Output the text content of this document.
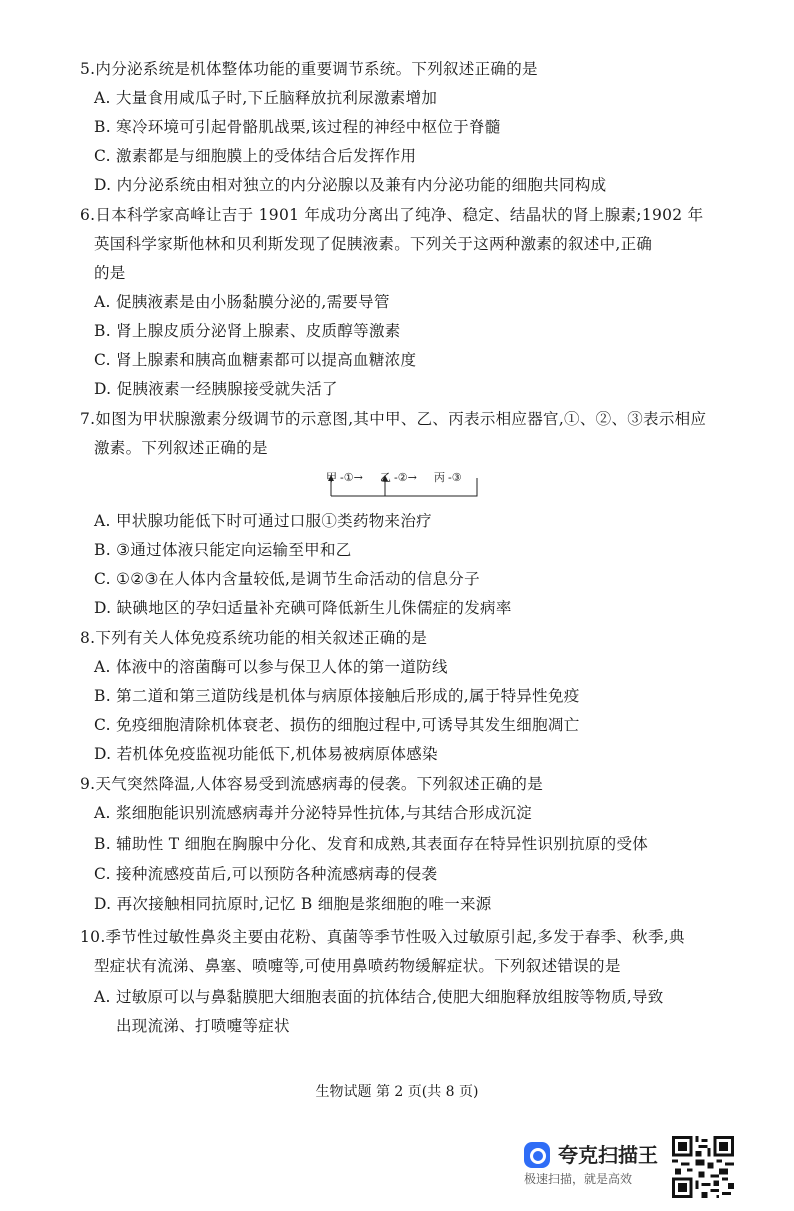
5.内分泌系统是机体整体功能的重要调节系统。下列叙述正确的是
A. 大量食用咸瓜子时,下丘脑释放抗利尿激素增加
B. 寒冷环境可引起骨骼肌战栗,该过程的神经中枢位于脊髓
C. 激素都是与细胞膜上的受体结合后发挥作用
D. 内分泌系统由相对独立的内分泌腺以及兼有内分泌功能的细胞共同构成
6.日本科学家高峰让吉于 1901 年成功分离出了纯净、稳定、结晶状的肾上腺素;1902 年
英国科学家斯他林和贝利斯发现了促胰液素。下列关于这两种激素的叙述中,正确
的是
A. 促胰液素是由小肠黏膜分泌的,需要导管
B. 肾上腺皮质分泌肾上腺素、皮质醇等激素
C. 肾上腺素和胰高血糖素都可以提高血糖浓度
D. 促胰液素一经胰腺接受就失活了
7.如图为甲状腺激素分级调节的示意图,其中甲、乙、丙表示相应器官,①、②、③表示相应
激素。下列叙述正确的是
甲 -①→ 乙 -②→ 丙 -③
A. 甲状腺功能低下时可通过口服①类药物来治疗
B. ③通过体液只能定向运输至甲和乙
C. ①②③在人体内含量较低,是调节生命活动的信息分子
D. 缺碘地区的孕妇适量补充碘可降低新生儿侏儒症的发病率
8.下列有关人体免疫系统功能的相关叙述正确的是
A. 体液中的溶菌酶可以参与保卫人体的第一道防线
B. 第二道和第三道防线是机体与病原体接触后形成的,属于特异性免疫
C. 免疫细胞清除机体衰老、损伤的细胞过程中,可诱导其发生细胞凋亡
D. 若机体免疫监视功能低下,机体易被病原体感染
9.天气突然降温,人体容易受到流感病毒的侵袭。下列叙述正确的是
A. 浆细胞能识别流感病毒并分泌特异性抗体,与其结合形成沉淀
B. 辅助性 T 细胞在胸腺中分化、发育和成熟,其表面存在特异性识别抗原的受体
C. 接种流感疫苗后,可以预防各种流感病毒的侵袭
D. 再次接触相同抗原时,记忆 B 细胞是浆细胞的唯一来源
10.季节性过敏性鼻炎主要由花粉、真菌等季节性吸入过敏原引起,多发于春季、秋季,典
型症状有流涕、鼻塞、喷嚏等,可使用鼻喷药物缓解症状。下列叙述错误的是
A. 过敏原可以与鼻黏膜肥大细胞表面的抗体结合,使肥大细胞释放组胺等物质,导致
出现流涕、打喷嚏等症状
生物试题 第 2 页(共 8 页)
夸克扫描王
极速扫描，就是高效
